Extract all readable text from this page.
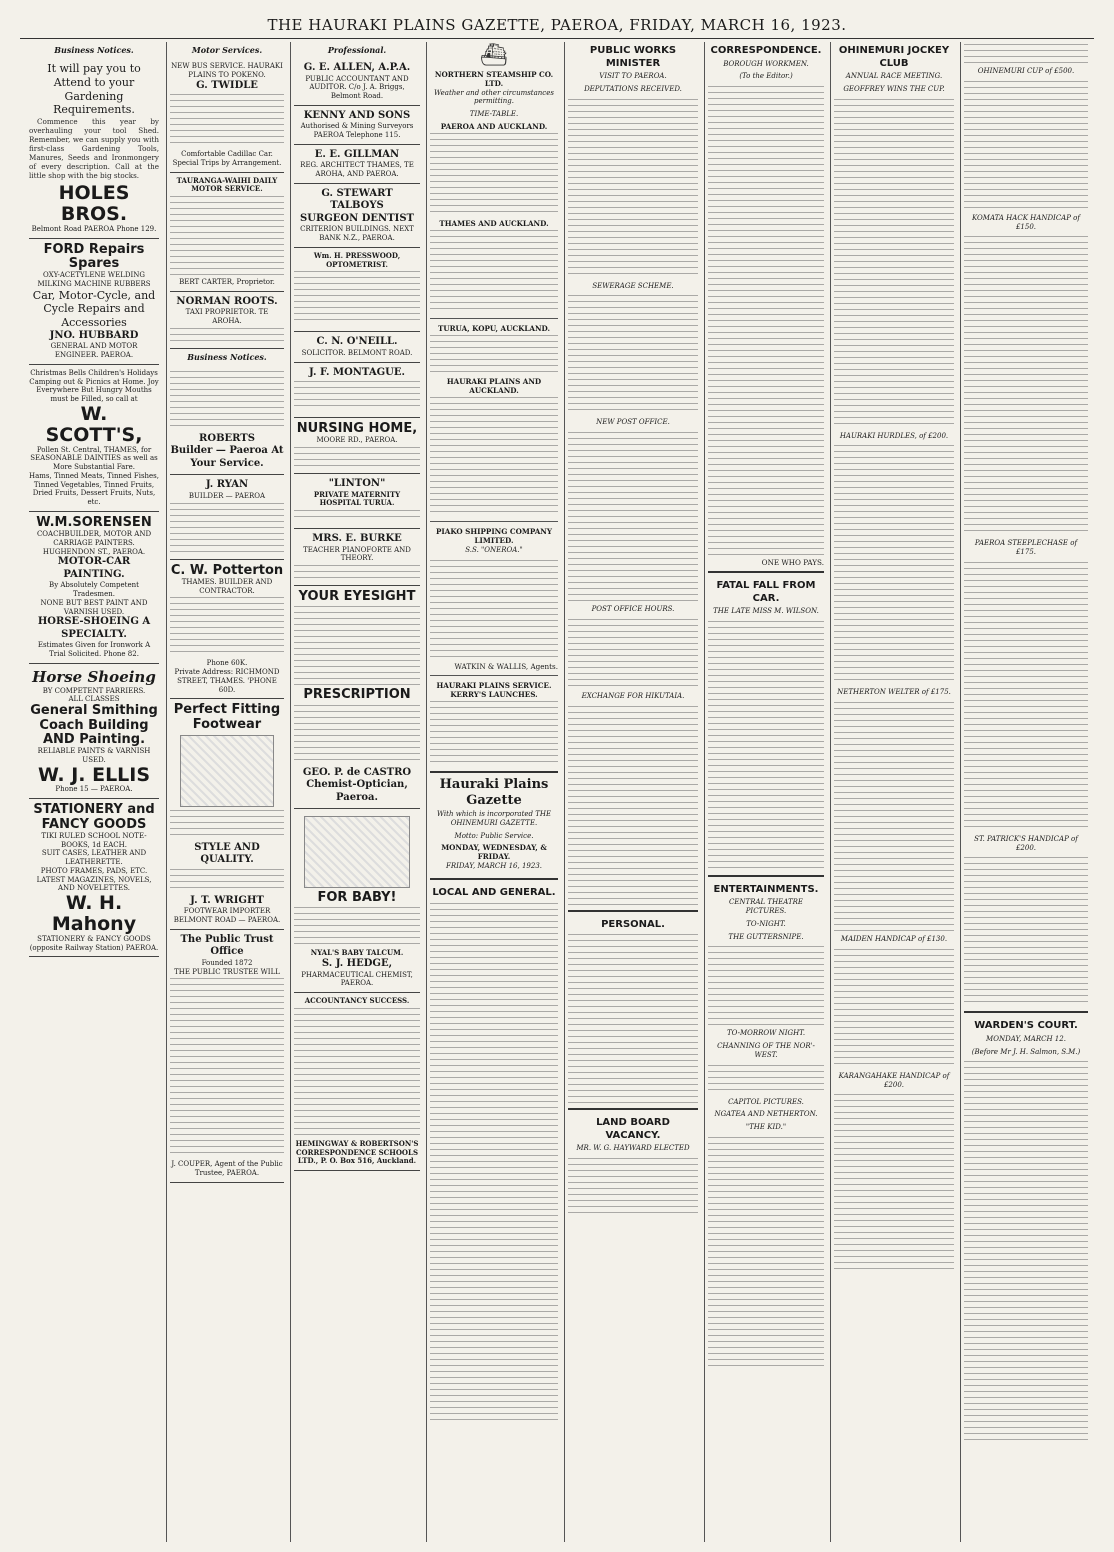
THE HAURAKI PLAINS GAZETTE, PAEROA, FRIDAY, MARCH 16, 1923.
Business Notices.
It will pay you to
Attend to your
Gardening
Requirements.
Commence this year by overhauling your tool Shed. Remember, we can supply you with first-class Gardening Tools, Manures, Seeds and Ironmongery of every description. Call at the little shop with the big stocks.
HOLES BROS.
Belmont Road PAEROA Phone 129.
FORD Repairs Spares
OXY-ACETYLENE WELDING MILKING MACHINE RUBBERS
Car, Motor-Cycle, and Cycle Repairs and Accessories
JNO. HUBBARD
GENERAL AND MOTOR ENGINEER. PAEROA.
Christmas Bells Children's Holidays Camping out & Picnics at Home. Joy Everywhere But Hungry Mouths must be Filled, so call at
W. SCOTT'S,
Pollen St. Central, THAMES, for SEASONABLE DAINTIES as well as More Substantial Fare.
Hams, Tinned Meats, Tinned Fishes, Tinned Vegetables, Tinned Fruits, Dried Fruits, Dessert Fruits, Nuts, etc.
W.M.SORENSEN
COACHBUILDER, MOTOR AND CARRIAGE PAINTERS. HUGHENDON ST., PAEROA.
MOTOR-CAR PAINTING.
By Absolutely Competent Tradesmen.
NONE BUT BEST PAINT AND VARNISH USED.
HORSE-SHOEING A SPECIALTY.
Estimates Given for Ironwork A Trial Solicited. Phone 82.
Horse Shoeing
BY COMPETENT FARRIERS.
ALL CLASSES
General Smithing
Coach Building AND Painting.
RELIABLE PAINTS & VARNISH USED.
W. J. ELLIS
Phone 15 — PAEROA.
STATIONERY and FANCY GOODS
TIKI RULED SCHOOL NOTE-BOOKS, 1d EACH.
SUIT CASES, LEATHER AND LEATHERETTE.
PHOTO FRAMES, PADS, ETC.
LATEST MAGAZINES, NOVELS, AND NOVELETTES.
W. H. Mahony
STATIONERY & FANCY GOODS (opposite Railway Station) PAEROA.
Motor Services.
NEW BUS SERVICE. HAURAKI PLAINS TO POKENO.
G. TWIDLE
Comfortable Cadillac Car.
Special Trips by Arrangement.
TAURANGA-WAIHI DAILY MOTOR SERVICE.
BERT CARTER, Proprietor.
NORMAN ROOTS.
TAXI PROPRIETOR. TE AROHA.
Business Notices.
ROBERTS
Builder — Paeroa At Your Service.
J. RYAN
BUILDER — PAEROA
C. W. Potterton
THAMES. BUILDER AND CONTRACTOR.
Phone 60K.
Private Address: RICHMOND STREET, THAMES. 'PHONE 60D.
Perfect Fitting Footwear
STYLE AND QUALITY.
J. T. WRIGHT
FOOTWEAR IMPORTER BELMONT ROAD — PAEROA.
The Public Trust Office
Founded 1872
THE PUBLIC TRUSTEE WILL
J. COUPER, Agent of the Public Trustee, PAEROA.
Professional.
G. E. ALLEN, A.P.A.
PUBLIC ACCOUNTANT AND AUDITOR. C/o J. A. Briggs, Belmont Road.
KENNY AND SONS
Authorised & Mining Surveyors PAEROA Telephone 115.
E. E. GILLMAN
REG. ARCHITECT THAMES, TE AROHA, AND PAEROA.
G. STEWART TALBOYS
SURGEON DENTIST
CRITERION BUILDINGS. NEXT BANK N.Z., PAEROA.
Wm. H. PRESSWOOD, OPTOMETRIST.
C. N. O'NEILL.
SOLICITOR. BELMONT ROAD.
J. F. MONTAGUE.
NURSING HOME,
MOORE RD., PAEROA.
"LINTON"
PRIVATE MATERNITY HOSPITAL TURUA.
MRS. E. BURKE
TEACHER PIANOFORTE AND THEORY.
YOUR EYESIGHT
PRESCRIPTION
GEO. P. de CASTRO
Chemist-Optician, Paeroa.
FOR BABY!
NYAL'S BABY TALCUM.
S. J. HEDGE,
PHARMACEUTICAL CHEMIST, PAEROA.
ACCOUNTANCY SUCCESS.
HEMINGWAY & ROBERTSON'S CORRESPONDENCE SCHOOLS LTD., P. O. Box 516, Auckland.
⛴
NORTHERN STEAMSHIP CO. LTD.
Weather and other circumstances permitting.
TIME-TABLE.
PAEROA AND AUCKLAND.
THAMES AND AUCKLAND.
TURUA, KOPU, AUCKLAND.
HAURAKI PLAINS AND AUCKLAND.
PIAKO SHIPPING COMPANY LIMITED.
S.S. "ONEROA."
WATKIN & WALLIS, Agents.
HAURAKI PLAINS SERVICE. KERRY'S LAUNCHES.
Hauraki Plains Gazette
With which is incorporated THE OHINEMURI GAZETTE.
Motto: Public Service.
MONDAY, WEDNESDAY, & FRIDAY.
FRIDAY, MARCH 16, 1923.
LOCAL AND GENERAL.
PUBLIC WORKS MINISTER
VISIT TO PAEROA.
DEPUTATIONS RECEIVED.
SEWERAGE SCHEME.
NEW POST OFFICE.
POST OFFICE HOURS.
EXCHANGE FOR HIKUTAIA.
PERSONAL.
LAND BOARD VACANCY.
MR. W. G. HAYWARD ELECTED
CORRESPONDENCE.
BOROUGH WORKMEN.
(To the Editor.)
ONE WHO PAYS.
FATAL FALL FROM CAR.
THE LATE MISS M. WILSON.
ENTERTAINMENTS.
CENTRAL THEATRE PICTURES.
TO-NIGHT.
THE GUTTERSNIPE.
TO-MORROW NIGHT.
CHANNING OF THE NOR'-WEST.
CAPITOL PICTURES.
NGATEA AND NETHERTON.
"THE KID."
OHINEMURI JOCKEY CLUB
ANNUAL RACE MEETING.
GEOFFREY WINS THE CUP.
HAURAKI HURDLES, of £200.
NETHERTON WELTER of £175.
MAIDEN HANDICAP of £130.
KARANGAHAKE HANDICAP of £200.
OHINEMURI CUP of £500.
KOMATA HACK HANDICAP of £150.
PAEROA STEEPLECHASE of £175.
ST. PATRICK'S HANDICAP of £200.
WARDEN'S COURT.
MONDAY, MARCH 12.
(Before Mr J. H. Salmon, S.M.)
